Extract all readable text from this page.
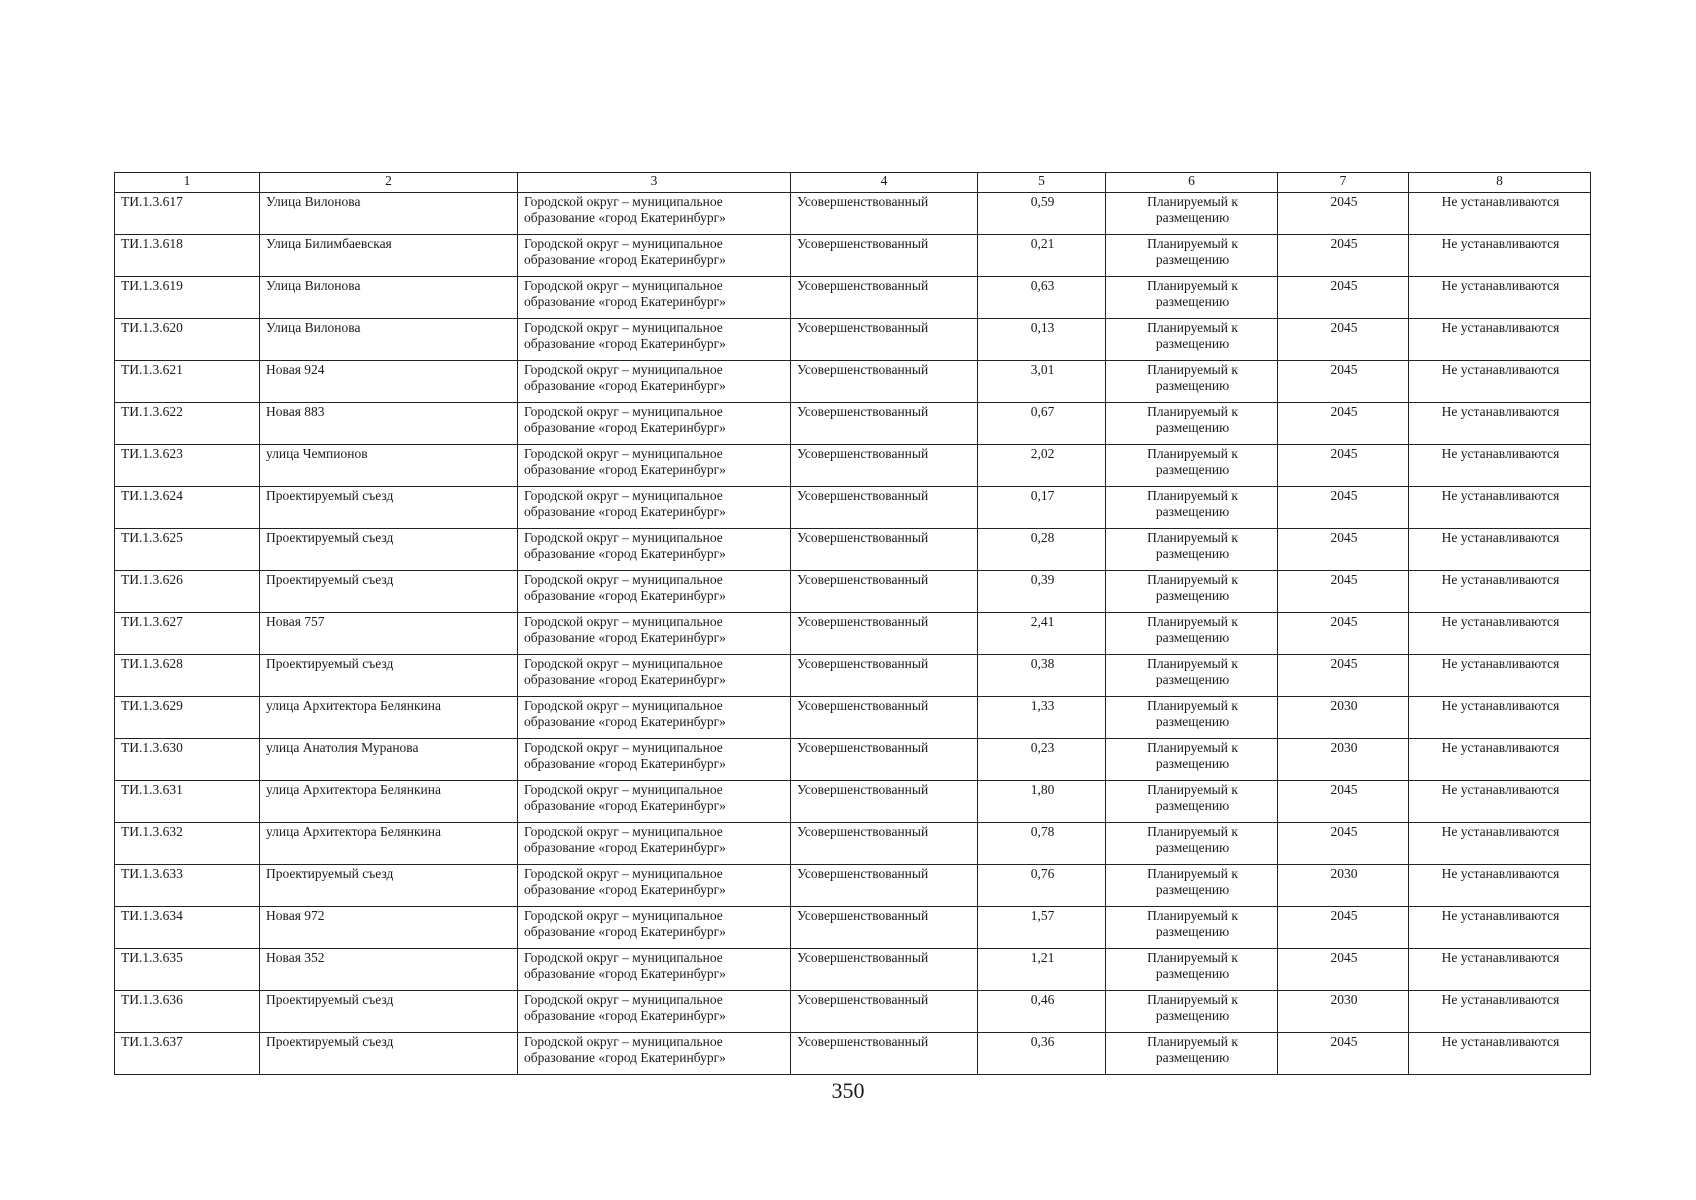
1	2	3	4	5	6	7	8
ТИ.1.3.617	Улица Вилонова	Городской округ – муниципальное образование «город Екатеринбург»	Усовершенствованный	0,59	Планируемый к размещению	2045	Не устанавливаются
ТИ.1.3.618	Улица Билимбаевская	Городской округ – муниципальное образование «город Екатеринбург»	Усовершенствованный	0,21	Планируемый к размещению	2045	Не устанавливаются
ТИ.1.3.619	Улица Вилонова	Городской округ – муниципальное образование «город Екатеринбург»	Усовершенствованный	0,63	Планируемый к размещению	2045	Не устанавливаются
ТИ.1.3.620	Улица Вилонова	Городской округ – муниципальное образование «город Екатеринбург»	Усовершенствованный	0,13	Планируемый к размещению	2045	Не устанавливаются
ТИ.1.3.621	Новая 924	Городской округ – муниципальное образование «город Екатеринбург»	Усовершенствованный	3,01	Планируемый к размещению	2045	Не устанавливаются
ТИ.1.3.622	Новая 883	Городской округ – муниципальное образование «город Екатеринбург»	Усовершенствованный	0,67	Планируемый к размещению	2045	Не устанавливаются
ТИ.1.3.623	улица Чемпионов	Городской округ – муниципальное образование «город Екатеринбург»	Усовершенствованный	2,02	Планируемый к размещению	2045	Не устанавливаются
ТИ.1.3.624	Проектируемый съезд	Городской округ – муниципальное образование «город Екатеринбург»	Усовершенствованный	0,17	Планируемый к размещению	2045	Не устанавливаются
ТИ.1.3.625	Проектируемый съезд	Городской округ – муниципальное образование «город Екатеринбург»	Усовершенствованный	0,28	Планируемый к размещению	2045	Не устанавливаются
ТИ.1.3.626	Проектируемый съезд	Городской округ – муниципальное образование «город Екатеринбург»	Усовершенствованный	0,39	Планируемый к размещению	2045	Не устанавливаются
ТИ.1.3.627	Новая 757	Городской округ – муниципальное образование «город Екатеринбург»	Усовершенствованный	2,41	Планируемый к размещению	2045	Не устанавливаются
ТИ.1.3.628	Проектируемый съезд	Городской округ – муниципальное образование «город Екатеринбург»	Усовершенствованный	0,38	Планируемый к размещению	2045	Не устанавливаются
ТИ.1.3.629	улица Архитектора Белянкина	Городской округ – муниципальное образование «город Екатеринбург»	Усовершенствованный	1,33	Планируемый к размещению	2030	Не устанавливаются
ТИ.1.3.630	улица Анатолия Муранова	Городской округ – муниципальное образование «город Екатеринбург»	Усовершенствованный	0,23	Планируемый к размещению	2030	Не устанавливаются
ТИ.1.3.631	улица Архитектора Белянкина	Городской округ – муниципальное образование «город Екатеринбург»	Усовершенствованный	1,80	Планируемый к размещению	2045	Не устанавливаются
ТИ.1.3.632	улица Архитектора Белянкина	Городской округ – муниципальное образование «город Екатеринбург»	Усовершенствованный	0,78	Планируемый к размещению	2045	Не устанавливаются
ТИ.1.3.633	Проектируемый съезд	Городской округ – муниципальное образование «город Екатеринбург»	Усовершенствованный	0,76	Планируемый к размещению	2030	Не устанавливаются
ТИ.1.3.634	Новая 972	Городской округ – муниципальное образование «город Екатеринбург»	Усовершенствованный	1,57	Планируемый к размещению	2045	Не устанавливаются
ТИ.1.3.635	Новая 352	Городской округ – муниципальное образование «город Екатеринбург»	Усовершенствованный	1,21	Планируемый к размещению	2045	Не устанавливаются
ТИ.1.3.636	Проектируемый съезд	Городской округ – муниципальное образование «город Екатеринбург»	Усовершенствованный	0,46	Планируемый к размещению	2030	Не устанавливаются
ТИ.1.3.637	Проектируемый съезд	Городской округ – муниципальное образование «город Екатеринбург»	Усовершенствованный	0,36	Планируемый к размещению	2045	Не устанавливаются
350
